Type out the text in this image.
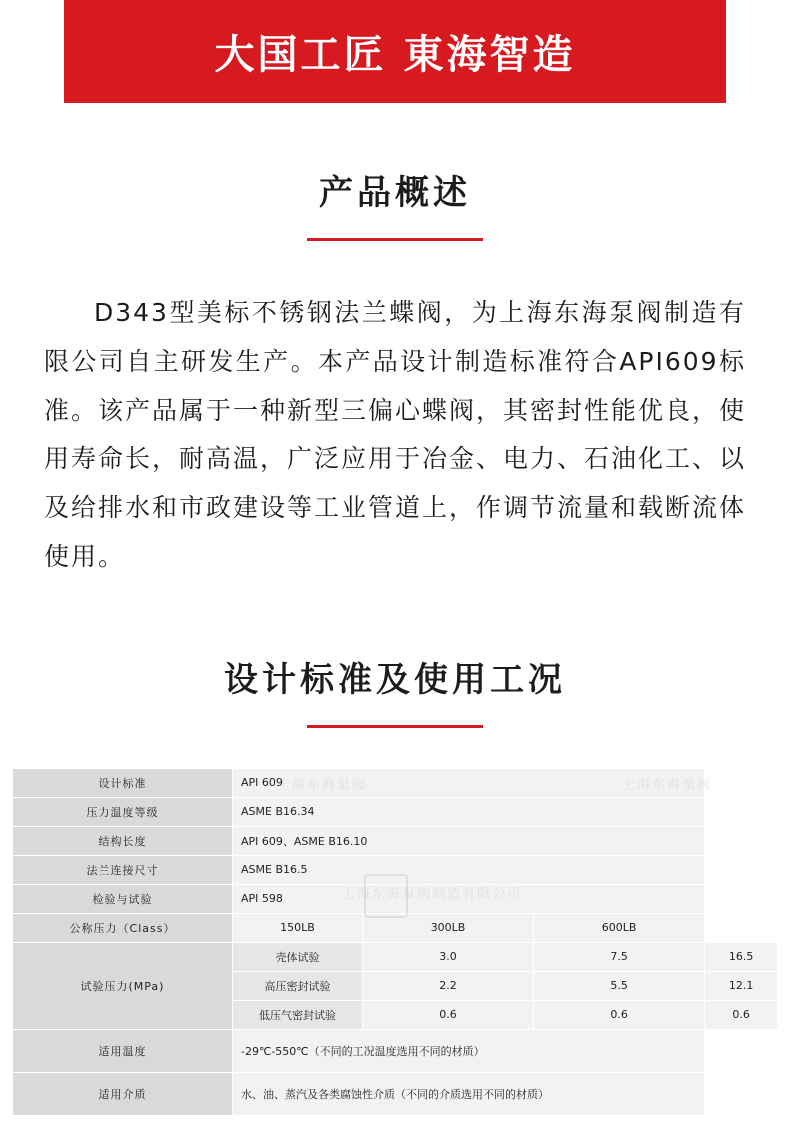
大国工匠 東海智造
产品概述

D343型美标不锈钢法兰蝶阀，为上海东海泵阀制造有限公司自主研发生产。本产品设计制造标准符合API609标准。该产品属于一种新型三偏心蝶阀，其密封性能优良，使用寿命长，耐高温，广泛应用于冶金、电力、石油化工、以及给排水和市政建设等工业管道上，作调节流量和载断流体使用。

设计标准及使用工况
设计标准	API 609			
压力温度等级	ASME B16.34			
结构长度	API 609、ASME B16.10			
法兰连接尺寸	ASME B16.5			
检验与试验	API 598			
公称压力（Class）	150LB	300LB	600LB	
试验压力(MPa)	壳体试验	3.0	7.5	16.5
	高压密封试验	2.2	5.5	12.1
	低压气密封试验	0.6	0.6	0.6
适用温度	-29℃-550℃（不同的工况温度选用不同的材质）			
适用介质	水、油、蒸汽及各类腐蚀性介质（不同的介质选用不同的材质）			
